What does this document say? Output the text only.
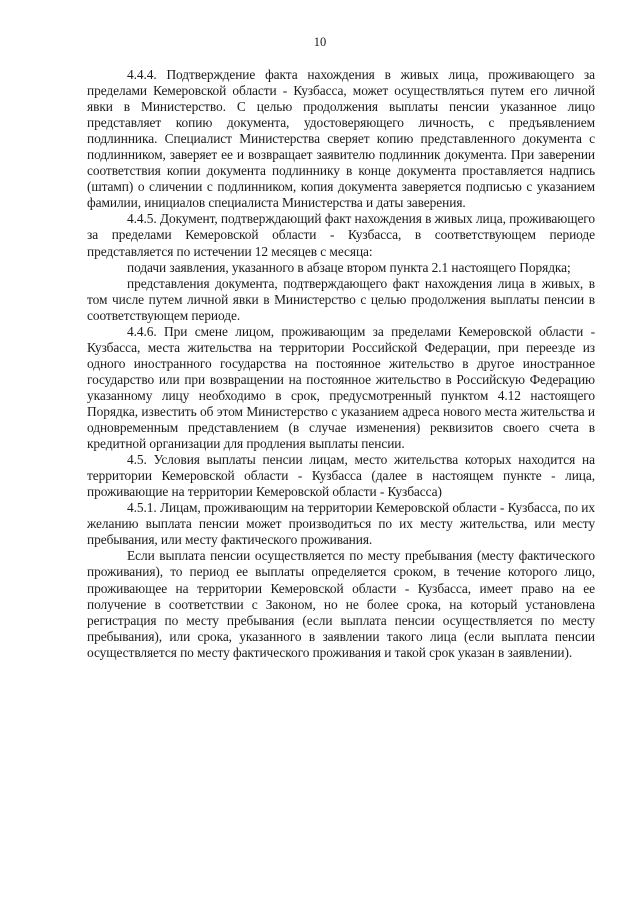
10

4.4.4. Подтверждение факта нахождения в живых лица, проживающего за пределами Кемеровской области - Кузбасса, может осуществляться путем его личной явки в Министерство. С целью продолжения выплаты пенсии указанное лицо представляет копию документа, удостоверяющего личность, с предъявлением подлинника. Специалист Министерства сверяет копию представленного документа с подлинником, заверяет ее и возвращает заявителю подлинник документа. При заверении соответствия копии документа подлиннику в конце документа проставляется надпись (штамп) о сличении с подлинником, копия документа заверяется подписью с указанием фамилии, инициалов специалиста Министерства и даты заверения.

4.4.5. Документ, подтверждающий факт нахождения в живых лица, проживающего за пределами Кемеровской области - Кузбасса, в соответствующем периоде представляется по истечении 12 месяцев с месяца:

подачи заявления, указанного в абзаце втором пункта 2.1 настоящего Порядка;

представления документа, подтверждающего факт нахождения лица в живых, в том числе путем личной явки в Министерство с целью продолжения выплаты пенсии в соответствующем периоде.

4.4.6. При смене лицом, проживающим за пределами Кемеровской области - Кузбасса, места жительства на территории Российской Федерации, при переезде из одного иностранного государства на постоянное жительство в другое иностранное государство или при возвращении на постоянное жительство в Российскую Федерацию указанному лицу необходимо в срок, предусмотренный пунктом 4.12 настоящего Порядка, известить об этом Министерство с указанием адреса нового места жительства и одновременным представлением (в случае изменения) реквизитов своего счета в кредитной организации для продления выплаты пенсии.

4.5. Условия выплаты пенсии лицам, место жительства которых находится на территории Кемеровской области - Кузбасса (далее в настоящем пункте - лица, проживающие на территории Кемеровской области - Кузбасса)

4.5.1. Лицам, проживающим на территории Кемеровской области - Кузбасса, по их желанию выплата пенсии может производиться по их месту жительства, или месту пребывания, или месту фактического проживания.

Если выплата пенсии осуществляется по месту пребывания (месту фактического проживания), то период ее выплаты определяется сроком, в течение которого лицо, проживающее на территории Кемеровской области - Кузбасса, имеет право на ее получение в соответствии с Законом, но не более срока, на который установлена регистрация по месту пребывания (если выплата пенсии осуществляется по месту пребывания), или срока, указанного в заявлении такого лица (если выплата пенсии осуществляется по месту фактического проживания и такой срок указан в заявлении).
